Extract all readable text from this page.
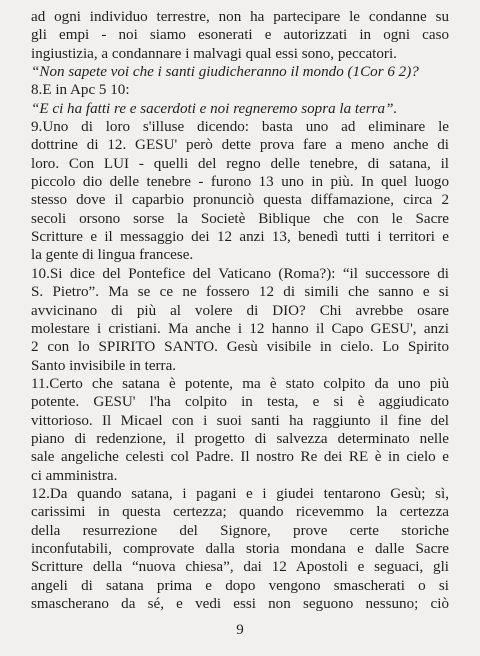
ad ogni individuo terrestre, non ha partecipare le condanne su
gli empi - noi siamo esonerati e autorizzati in ogni caso
ingiustizia, a condannare i malvagi qual essi sono, peccatori.
“Non sapete voi che i santi giudicheranno il mondo (1Cor 6 2)?
8.E in Apc 5 10:
“E ci ha fatti re e sacerdoti e noi regneremo sopra la terra”.
9.Uno di loro s'illuse dicendo: basta uno ad eliminare le
dottrine di 12. GESU' però dette prova fare a meno anche di
loro. Con LUI - quelli del regno delle tenebre, di satana, il
piccolo dio delle tenebre - furono 13 uno in più. In quel luogo
stesso dove il caparbio pronunciò questa diffamazione, circa 2
secoli orsono sorse la Societè Biblique che con le Sacre
Scritture e il messaggio dei 12 anzi 13, benedì tutti i territori e
la gente di lingua francese.
10.Si dice del Pontefice del Vaticano (Roma?): “il successore di
S. Pietro”. Ma se ce ne fossero 12 di simili che sanno e si
avvicinano di più al volere di DIO? Chi avrebbe osare
molestare i cristiani. Ma anche i 12 hanno il Capo GESU', anzi
2 con lo SPIRITO SANTO. Gesù visibile in cielo. Lo Spirito
Santo invisibile in terra.
11.Certo che satana è potente, ma è stato colpito da uno più
potente. GESU' l'ha colpito in testa, e si è aggiudicato
vittorioso. Il Micael con i suoi santi ha raggiunto il fine del
piano di redenzione, il progetto di salvezza determinato nelle
sale angeliche celesti col Padre. Il nostro Re dei RE è in cielo e
ci amministra.
12.Da quando satana, i pagani e i giudei tentarono Gesù; sì,
carissimi in questa certezza; quando ricevemmo la certezza
della resurrezione del Signore, prove certe storiche
inconfutabili, comprovate dalla storia mondana e dalle Sacre
Scritture della “nuova chiesa”, dai 12 Apostoli e seguaci, gli
angeli di satana prima e dopo vengono smascherati o si
smascherano da sé, e vedi essi non seguono nessuno; ciò
9
